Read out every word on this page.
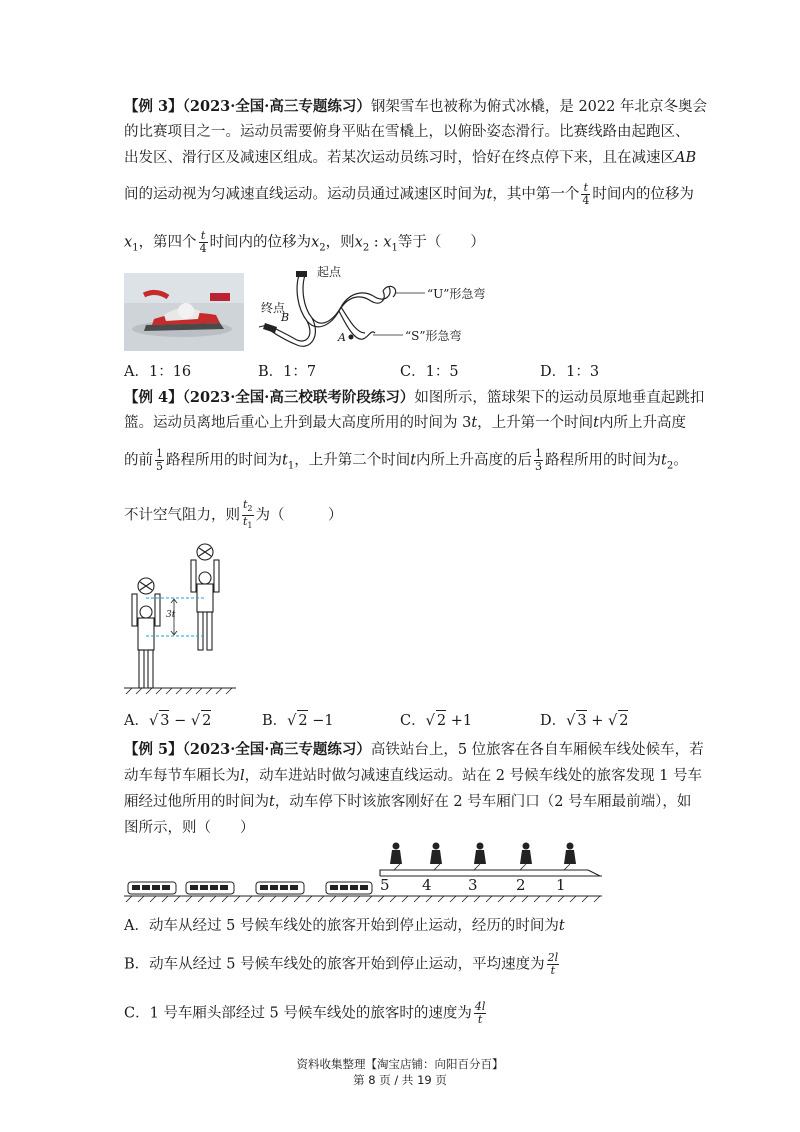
【例 3】（2023·全国·高三专题练习）钢架雪车也被称为俯式冰橇，是 2022 年北京冬奥会
的比赛项目之一。运动员需要俯身平贴在雪橇上，以俯卧姿态滑行。比赛线路由起跑区、
出发区、滑行区及减速区组成。若某次运动员练习时，恰好在终点停下来，且在减速区AB
间的运动视为匀减速直线运动。运动员通过减速区时间为t，其中第一个 $\frac{t}{4}$ 时间内的位移为
$x_1$，第四个 $\frac{t}{4}$ 时间内的位移为$x_2$，则$x_2$ : $x_1$等于（　　）
起点
终点
B
A
“U”形急弯
“S”形急弯
A．1：16	B．1：7	C．1：5	D．1：3
【例 4】（2023·全国·高三校联考阶段练习）如图所示，篮球架下的运动员原地垂直起跳扣
篮。运动员离地后重心上升到最大高度所用的时间为 3t，上升第一个时间t内所上升高度
的前 $\frac{1}{5}$ 路程所用的时间为$t_1$，上升第二个时间t内所上升高度的后 $\frac{1}{3}$ 路程所用的时间为$t_2$。
不计空气阻力，则 $\frac{t_2}{t_1}$ 为（　　　）
3t
A．√ 3 − √ 2	B．√ 2 −1	C．√ 2 +1	D．√ 3 + √ 2
【例 5】（2023·全国·高三专题练习）高铁站台上，5 位旅客在各自车厢候车线处候车，若
动车每节车厢长为l，动车进站时做匀减速直线运动。站在 2 号候车线处的旅客发现 1 号车
厢经过他所用的时间为t，动车停下时该旅客刚好在 2 号车厢门口（2 号车厢最前端），如
图所示，则（　　）
5 4 3	2 1
A．动车从经过 5 号候车线处的旅客开始到停止运动，经历的时间为t
B．动车从经过 5 号候车线处的旅客开始到停止运动，平均速度为 $\frac{2l}{t}$
C．1 号车厢头部经过 5 号候车线处的旅客时的速度为 $\frac{4l}{t}$
资料收集整理【淘宝店铺：向阳百分百】
第 8 页 / 共 19 页
